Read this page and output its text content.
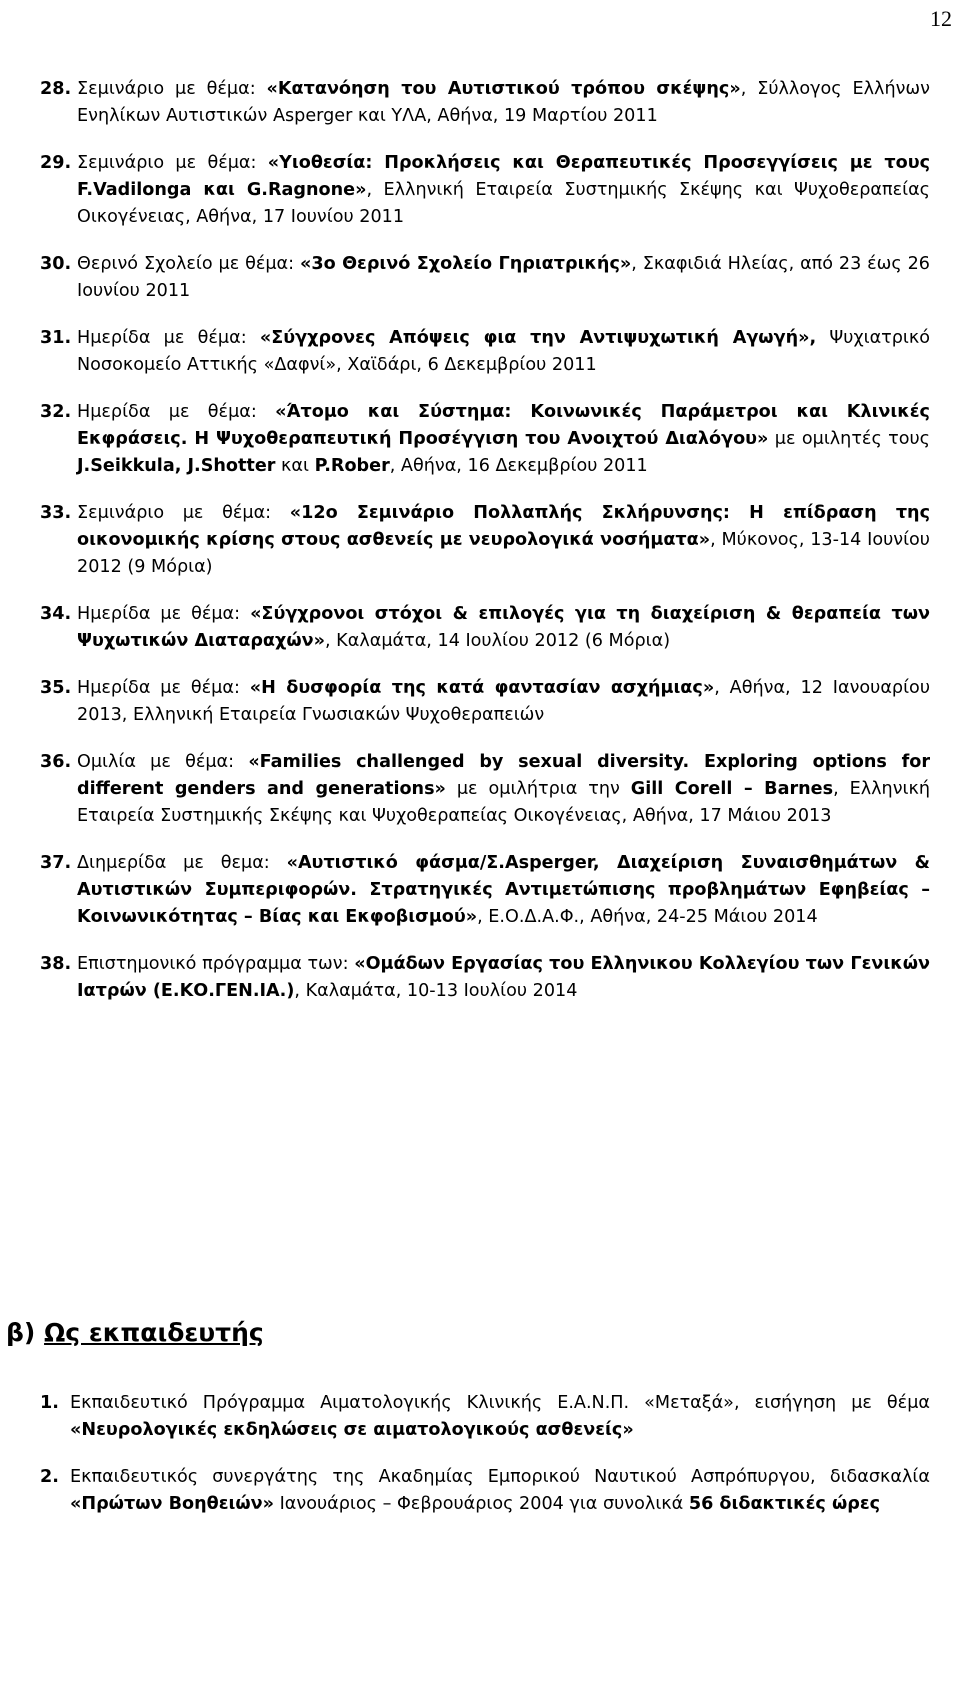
12
28. Σεμινάριο με θέμα: «Κατανόηση του Αυτιστικού τρόπου σκέψης», Σύλλογος Ελλήνων Ενηλίκων Αυτιστικών Asperger και ΥΛΑ, Αθήνα, 19 Μαρτίου 2011
29. Σεμινάριο με θέμα: «Υιοθεσία: Προκλήσεις και Θεραπευτικές Προσεγγίσεις με τους F.Vadilonga και G.Ragnone», Ελληνική Εταιρεία Συστημικής Σκέψης και Ψυχοθεραπείας Οικογένειας, Αθήνα, 17 Ιουνίου 2011
30. Θερινό Σχολείο με θέμα: «3ο Θερινό Σχολείο Γηριατρικής», Σκαφιδιά Ηλείας, από 23 έως 26 Ιουνίου 2011
31. Ημερίδα με θέμα: «Σύγχρονες Απόψεις φια την Αντιψυχωτική Αγωγή», Ψυχιατρικό Νοσοκομείο Αττικής «Δαφνί», Χαϊδάρι, 6 Δεκεμβρίου 2011
32. Ημερίδα με θέμα: «Άτομο και Σύστημα: Κοινωνικές Παράμετροι και Κλινικές Εκφράσεις. Η Ψυχοθεραπευτική Προσέγγιση του Ανοιχτού Διαλόγου» με ομιλητές τους J.Seikkula, J.Shotter και P.Rober, Αθήνα, 16 Δεκεμβρίου 2011
33. Σεμινάριο με θέμα: «12ο Σεμινάριο Πολλαπλής Σκλήρυνσης: Η επίδραση της οικονομικής κρίσης στους ασθενείς με νευρολογικά νοσήματα», Μύκονος, 13-14 Ιουνίου 2012 (9 Μόρια)
34. Ημερίδα με θέμα: «Σύγχρονοι στόχοι & επιλογές για τη διαχείριση & θεραπεία των Ψυχωτικών Διαταραχών», Καλαμάτα, 14 Ιουλίου 2012 (6 Μόρια)
35. Ημερίδα με θέμα: «Η δυσφορία της κατά φαντασίαν ασχήμιας», Αθήνα, 12 Ιανουαρίου 2013, Ελληνική Εταιρεία Γνωσιακών Ψυχοθεραπειών
36. Ομιλία με θέμα: «Families challenged by sexual diversity. Exploring options for different genders and generations» με ομιλήτρια την Gill Corell – Barnes, Ελληνική Εταιρεία Συστημικής Σκέψης και Ψυχοθεραπείας Οικογένειας, Αθήνα, 17 Μάιου 2013
37. Διημερίδα με θεμα: «Αυτιστικό φάσμα/Σ.Asperger, Διαχείριση Συναισθημάτων & Αυτιστικών Συμπεριφορών. Στρατηγικές Αντιμετώπισης προβλημάτων Εφηβείας – Κοινωνικότητας – Βίας και Εκφοβισμού», Ε.Ο.Δ.Α.Φ., Αθήνα, 24-25 Μάιου 2014
38. Επιστημονικό πρόγραμμα των: «Ομάδων Εργασίας του Ελληνικου Κολλεγίου των Γενικών Ιατρών (Ε.ΚΟ.ΓΕΝ.ΙΑ.), Καλαμάτα, 10-13 Ιουλίου 2014
β) Ως εκπαιδευτής
1. Εκπαιδευτικό Πρόγραμμα Αιματολογικής Κλινικής Ε.Α.Ν.Π. «Μεταξά», εισήγηση με θέμα «Νευρολογικές εκδηλώσεις σε αιματολογικούς ασθενείς»
2. Εκπαιδευτικός συνεργάτης της Ακαδημίας Εμπορικού Ναυτικού Ασπρόπυργου, διδασκαλία «Πρώτων Βοηθειών» Ιανουάριος – Φεβρουάριος 2004 για συνολικά 56 διδακτικές ώρες
